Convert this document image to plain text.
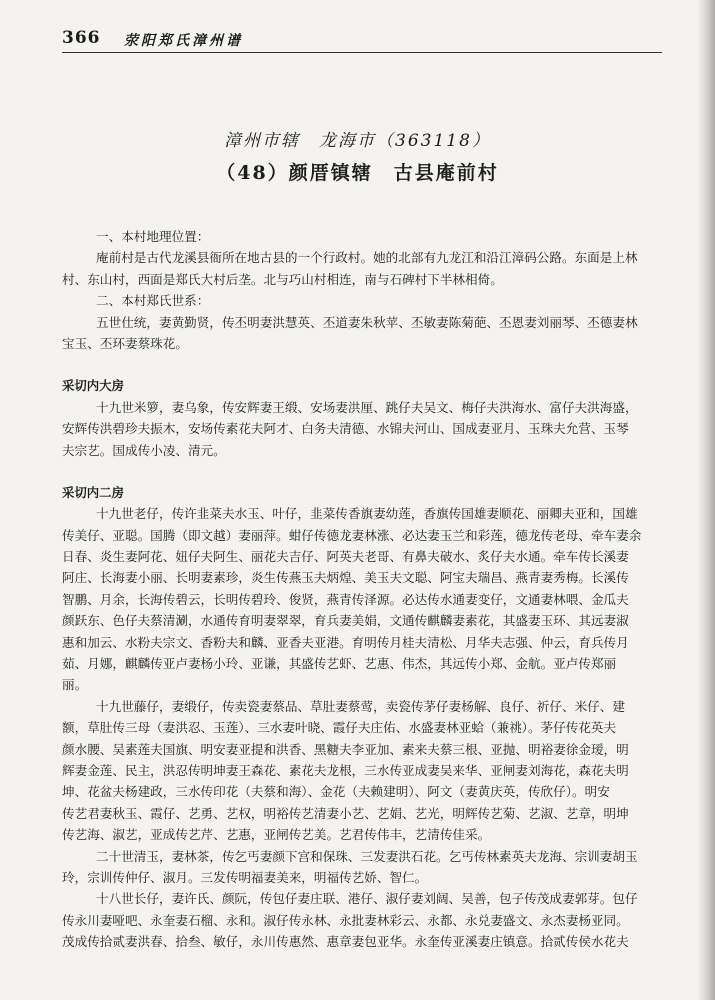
366 荥阳郑氏漳州谱
漳州市辖　龙海市（363118）
（48）颜厝镇辖　古县庵前村
一、本村地理位置：
庵前村是古代龙溪县衙所在地古县的一个行政村。她的北部有九龙江和沿江漳码公路。东面是上林
村、东山村，西面是郑氏大村后垄。北与巧山村相连，南与石碑村下半林相倚。
二、本村郑氏世系：
五世仕统，妻黄勤贤，传丕明妻洪慧英、丕道妻朱秋苹、丕敏妻陈菊葩、丕恩妻刘丽琴、丕德妻林
宝玉、丕环妻蔡珠花。
采切内大房
十九世米箩，妻乌象，传安辉妻王缎、安场妻洪厘、跳仔夫吴文、梅仔夫洪海水、富仔夫洪海盛，
安辉传洪碧珍夫振木，安场传素花夫阿才、白务夫清德、水锦夫河山、国成妻亚月、玉珠夫允营、玉琴
夫宗艺。国成传小凌、清元。
采切内二房
十九世老仔，传许韭菜夫水玉、叶仔，韭菜传香旗妻幼莲，香旗传国雄妻顺花、丽卿夫亚和，国雄
传美仔、亚聪。国腾（即文越）妻丽萍。蚶仔传德龙妻林涨、必达妻玉兰和彩莲，德龙传老母、牵车妻余
日春、炎生妻阿花、妞仔夫阿生、丽花夫吉仔、阿英夫老哥、有鼻夫破水、炙仔夫水通。牵车传长溪妻
阿庄、长海妻小丽、长明妻素珍，炎生传燕玉夫炳煌、美玉夫文聪、阿宝夫瑞昌、燕青妻秀梅。长溪传
智鹏、月余，长海传碧云，长明传碧玲、俊贤，燕青传泽源。必达传水通妻变仔，文通妻林喂、金瓜夫
颜跃东、色仔夫蔡清涮，水通传育明妻翠翠，育兵妻美娟，文通传麒麟妻素花，其盛妻玉环、其远妻淑
惠和加云、水粉夫宗文、香粉夫和麟、亚香夫亚港。育明传月桂夫清松、月华夫志强、仲云，育兵传月
茹、月娜，麒麟传亚卢妻杨小玲、亚谦，其盛传艺虾、艺惠、伟杰，其远传小郑、金航。亚卢传郑丽
丽。
十九世藤仔，妻缎仔，传卖瓷妻蔡品、草肚妻蔡莺，卖瓷传茅仔妻杨解、良仔、祈仔、米仔、建
额，草肚传三母（妻洪忍、玉莲）、三水妻叶晓、霞仔夫庄佑、水盛妻林亚蛤（兼祧）。茅仔传花英夫
颜水腰、吴素莲夫国旗、明安妻亚提和洪香、黑糖夫李亚加、素来夫蔡三根、亚抛、明裕妻徐金瑷，明
辉妻金莲、民主，洪忍传明坤妻王森花、素花夫龙根，三水传亚成妻吴来华、亚闸妻刘海花，森花夫明
坤、花盆夫杨建政，三水传印花（夫蔡和海）、金花（夫赖建明）、阿文（妻黄庆英，传欣仔）。明安
传艺君妻秋玉、霞仔、艺勇、艺权，明裕传艺清妻小艺、艺娟、艺光，明辉传艺菊、艺淑、艺章，明坤
传艺海、淑艺，亚成传艺芹、艺惠，亚闸传艺美。艺君传伟丰，艺清传佳采。
二十世清玉，妻林茶，传乞丐妻颜下宫和保珠、三发妻洪石花。乞丐传林素英夫龙海、宗训妻胡玉
玲，宗训传仲仔、淑月。三发传明福妻美来，明福传艺娇、智仁。
十八世长仔，妻许氏、颜阮，传包仔妻庄联、港仔、淑仔妻刘阔、吴善，包子传茂成妻郭芽。包仔
传永川妻哑吧、永奎妻石榴、永和。淑仔传永林、永批妻林彩云、永都、永兑妻盛文、永杰妻杨亚同。
茂成传拾贰妻洪春、拾叁、敏仔，永川传惠然、惠章妻包亚华。永奎传亚溪妻庄镇意。拾贰传侯水花夫
